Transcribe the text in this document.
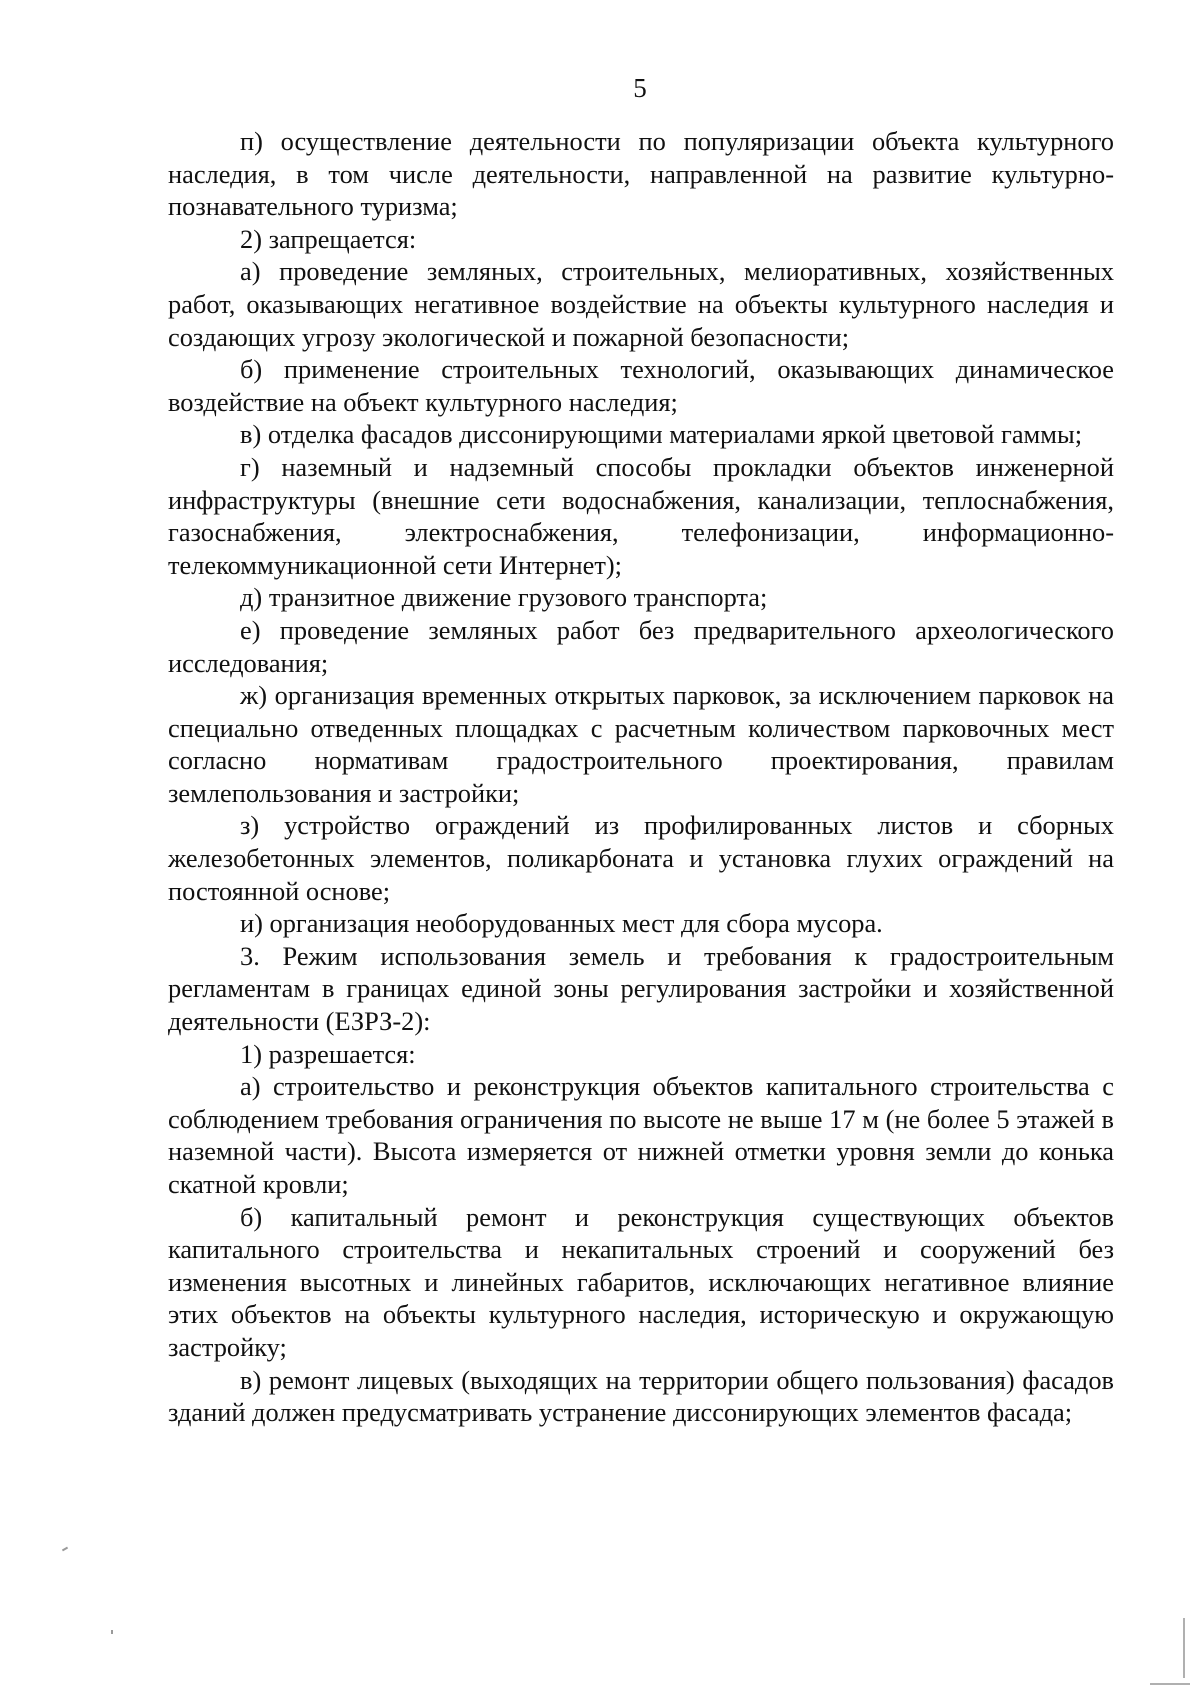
5

п) осуществление деятельности по популяризации объекта культурного наследия, в том числе деятельности, направленной на развитие культурно-познавательного туризма;

2) запрещается:

а) проведение земляных, строительных, мелиоративных, хозяйственных работ, оказывающих негативное воздействие на объекты культурного наследия и создающих угрозу экологической и пожарной безопасности;

б) применение строительных технологий, оказывающих динамическое воздействие на объект культурного наследия;

в) отделка фасадов диссонирующими материалами яркой цветовой гаммы;

г) наземный и надземный способы прокладки объектов инженерной инфраструктуры (внешние сети водоснабжения, канализации, теплоснабжения, газоснабжения, электроснабжения, телефонизации, информационно-телекоммуникационной сети Интернет);

д) транзитное движение грузового транспорта;

е) проведение земляных работ без предварительного археологического исследования;

ж) организация временных открытых парковок, за исключением парковок на специально отведенных площадках с расчетным количеством парковочных мест согласно нормативам градостроительного проектирования, правилам землепользования и застройки;

з) устройство ограждений из профилированных листов и сборных железобетонных элементов, поликарбоната и установка глухих ограждений на постоянной основе;

и) организация необорудованных мест для сбора мусора.

3. Режим использования земель и требования к градостроительным регламентам в границах единой зоны регулирования застройки и хозяйственной деятельности (ЕЗРЗ-2):

1) разрешается:

а) строительство и реконструкция объектов капитального строительства с соблюдением требования ограничения по высоте не выше 17 м (не более 5 этажей в наземной части). Высота измеряется от нижней отметки уровня земли до конька скатной кровли;

б) капитальный ремонт и реконструкция существующих объектов капитального строительства и некапитальных строений и сооружений без изменения высотных и линейных габаритов, исключающих негативное влияние этих объектов на объекты культурного наследия, историческую и окружающую застройку;

в) ремонт лицевых (выходящих на территории общего пользования) фасадов зданий должен предусматривать устранение диссонирующих элементов фасада;
